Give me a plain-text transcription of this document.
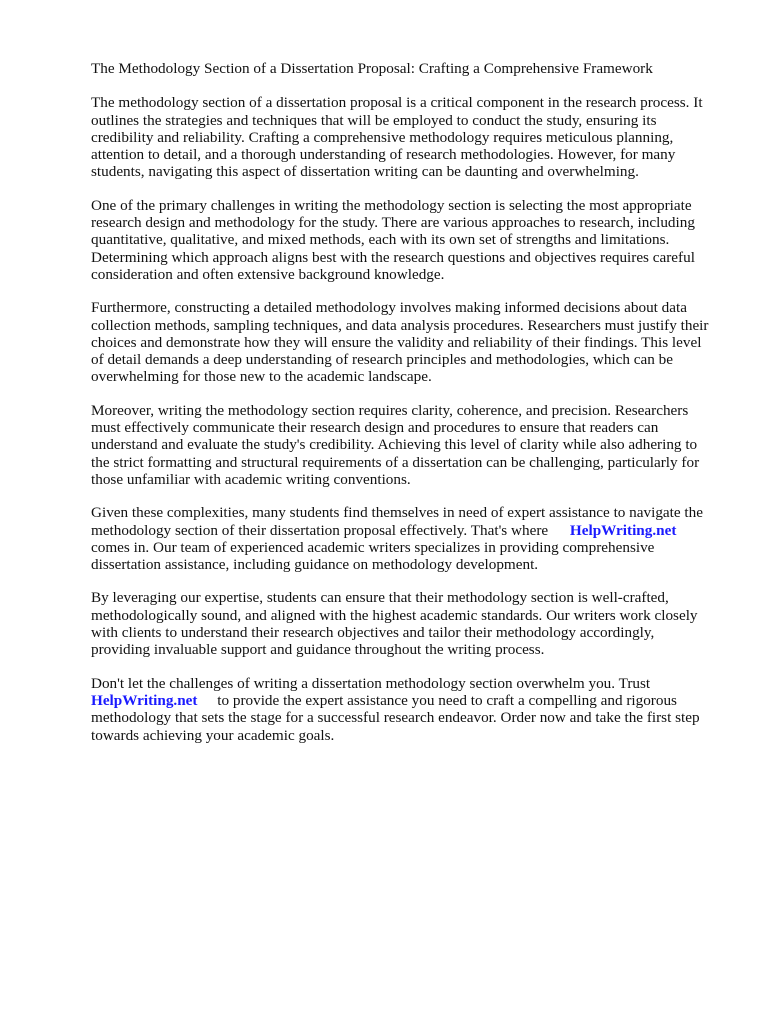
The Methodology Section of a Dissertation Proposal: Crafting a Comprehensive Framework

The methodology section of a dissertation proposal is a critical component in the research process. It
outlines the strategies and techniques that will be employed to conduct the study, ensuring its
credibility and reliability. Crafting a comprehensive methodology requires meticulous planning,
attention to detail, and a thorough understanding of research methodologies. However, for many
students, navigating this aspect of dissertation writing can be daunting and overwhelming.

One of the primary challenges in writing the methodology section is selecting the most appropriate
research design and methodology for the study. There are various approaches to research, including
quantitative, qualitative, and mixed methods, each with its own set of strengths and limitations.
Determining which approach aligns best with the research questions and objectives requires careful
consideration and often extensive background knowledge.

Furthermore, constructing a detailed methodology involves making informed decisions about data
collection methods, sampling techniques, and data analysis procedures. Researchers must justify their
choices and demonstrate how they will ensure the validity and reliability of their findings. This level
of detail demands a deep understanding of research principles and methodologies, which can be
overwhelming for those new to the academic landscape.

Moreover, writing the methodology section requires clarity, coherence, and precision. Researchers
must effectively communicate their research design and procedures to ensure that readers can
understand and evaluate the study's credibility. Achieving this level of clarity while also adhering to
the strict formatting and structural requirements of a dissertation can be challenging, particularly for
those unfamiliar with academic writing conventions.

Given these complexities, many students find themselves in need of expert assistance to navigate the
methodology section of their dissertation proposal effectively. That's where HelpWriting.net
comes in. Our team of experienced academic writers specializes in providing comprehensive
dissertation assistance, including guidance on methodology development.

By leveraging our expertise, students can ensure that their methodology section is well-crafted,
methodologically sound, and aligned with the highest academic standards. Our writers work closely
with clients to understand their research objectives and tailor their methodology accordingly,
providing invaluable support and guidance throughout the writing process.

Don't let the challenges of writing a dissertation methodology section overwhelm you. Trust
HelpWriting.net to provide the expert assistance you need to craft a compelling and rigorous
methodology that sets the stage for a successful research endeavor. Order now and take the first step
towards achieving your academic goals.
